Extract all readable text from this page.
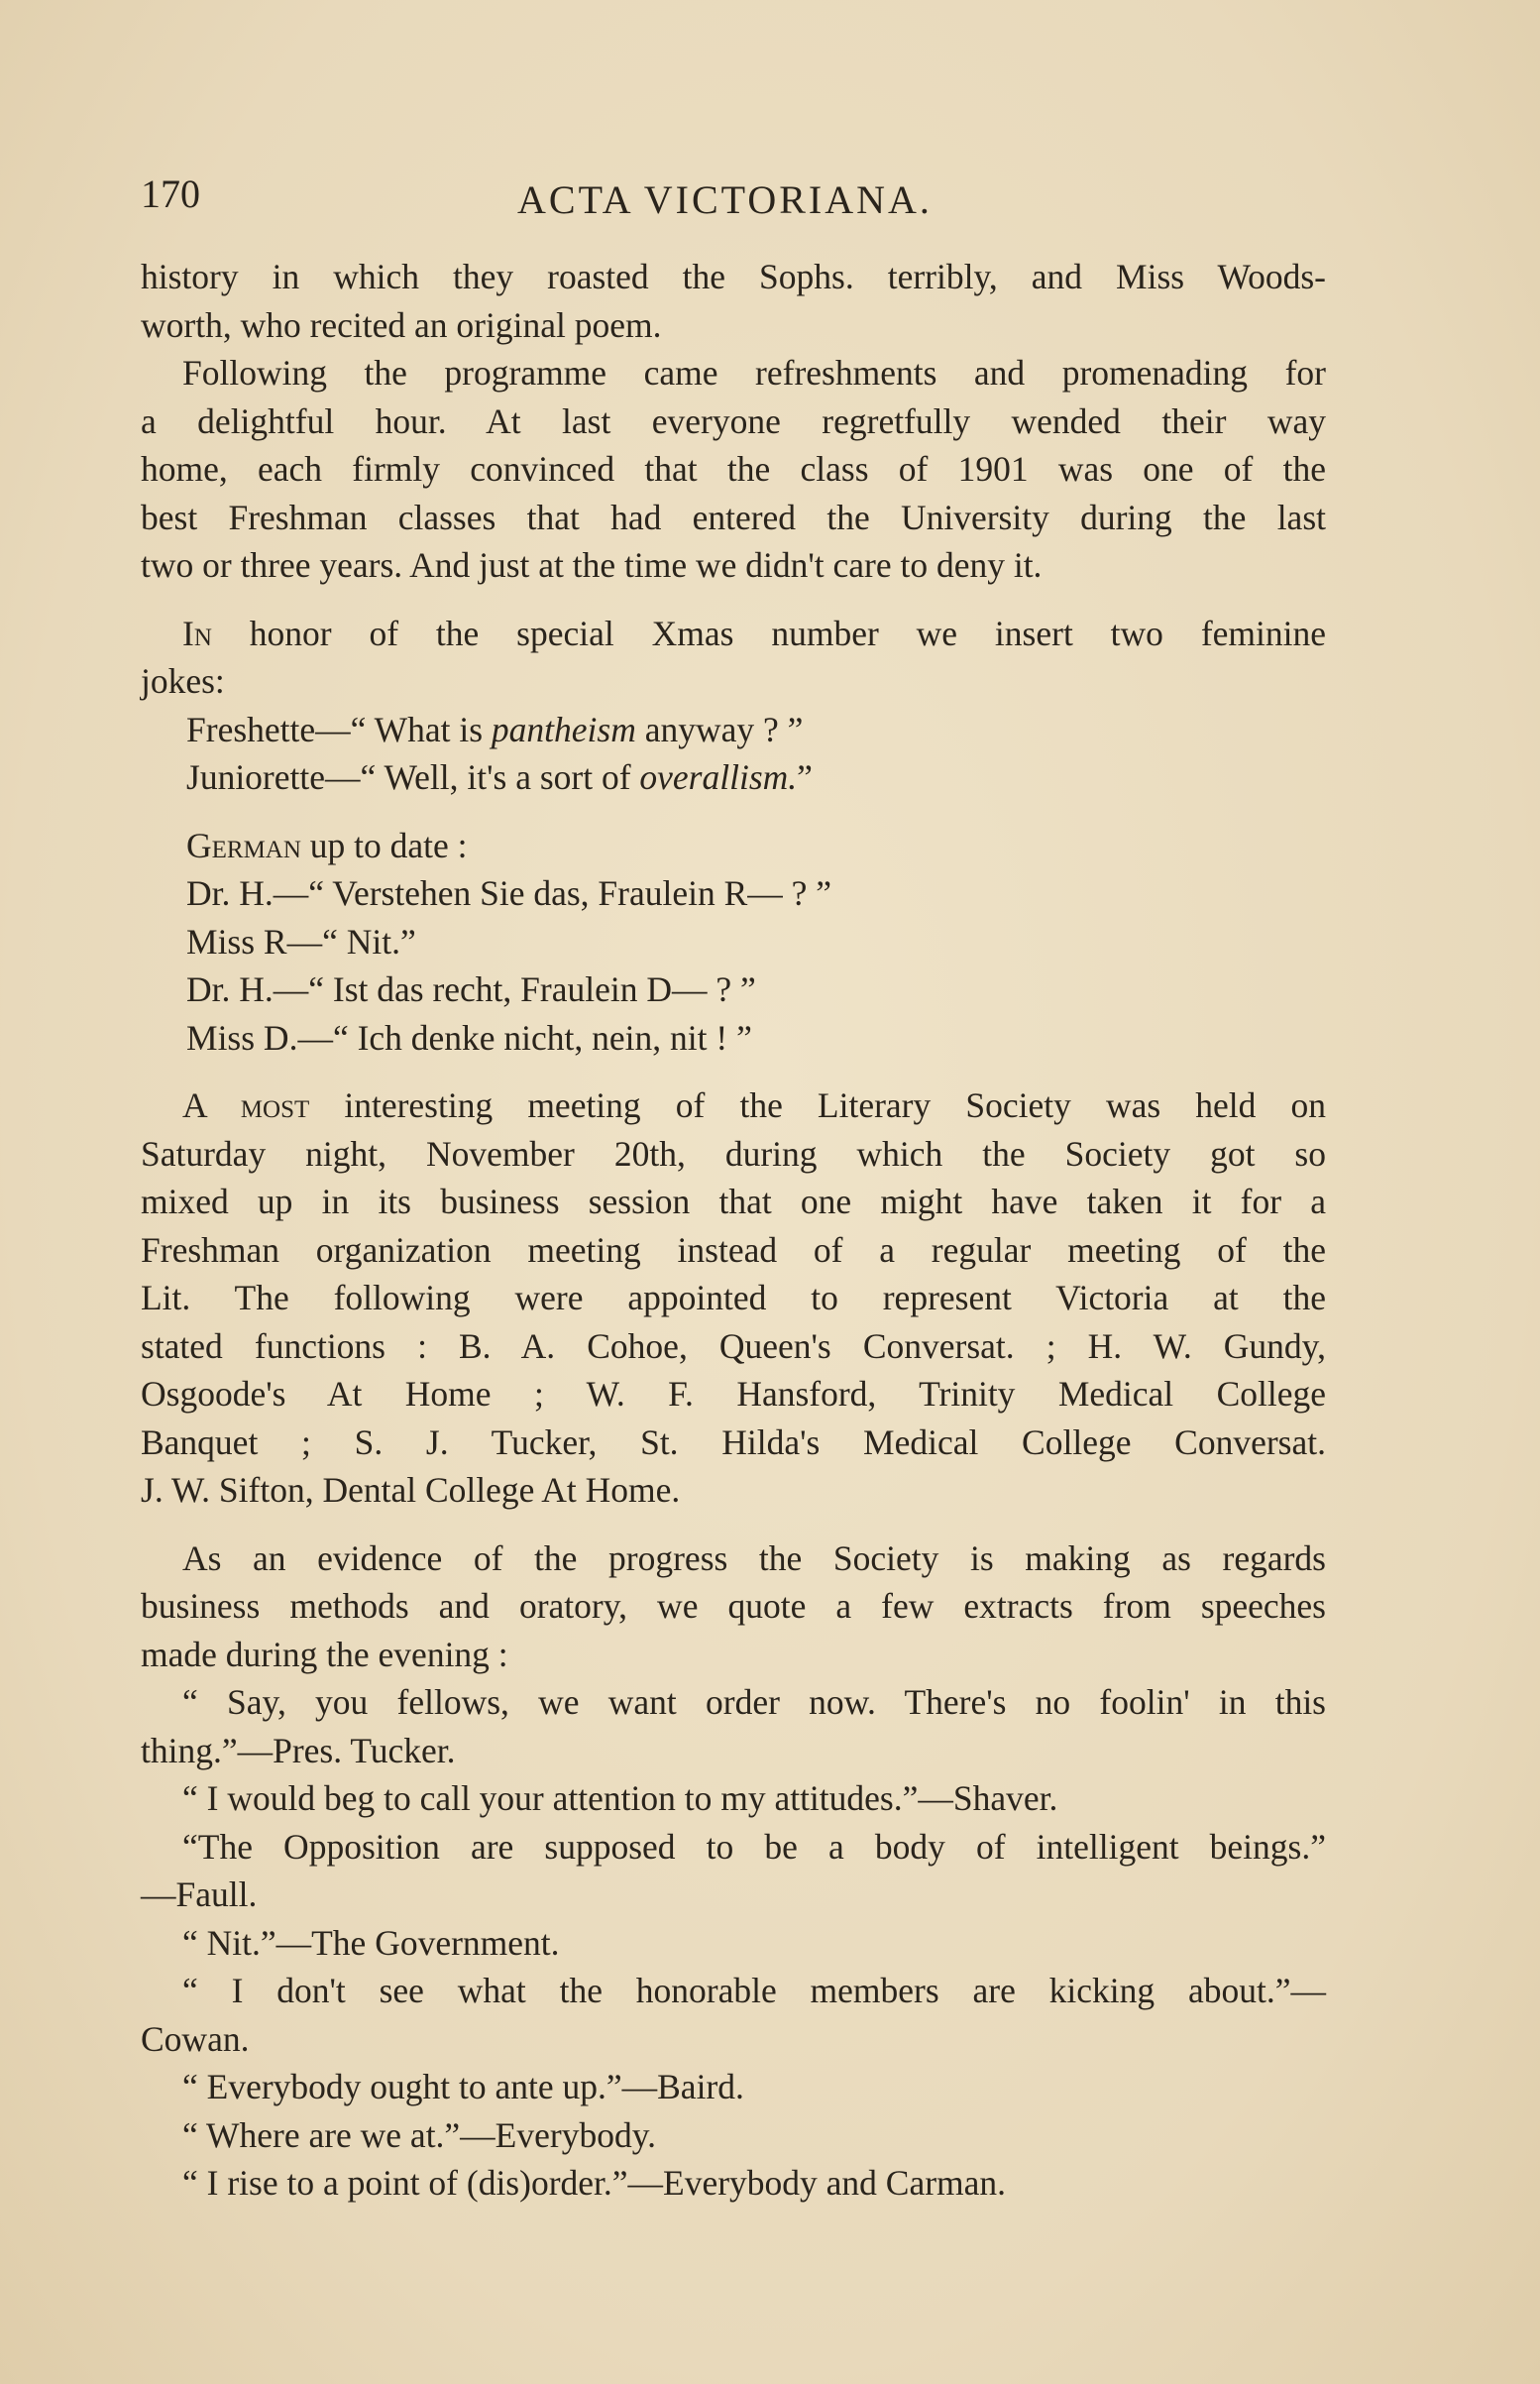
170	ACTA VICTORIANA.
history in which they roasted the Sophs. terribly, and Miss Woods-
worth, who recited an original poem.
Following the programme came refreshments and promenading for
a delightful hour. At last everyone regretfully wended their way
home, each firmly convinced that the class of 1901 was one of the
best Freshman classes that had entered the University during the last
two or three years. And just at the time we didn't care to deny it.
In honor of the special Xmas number we insert two feminine
jokes:
Freshette—“ What is pantheism anyway ? ”
Juniorette—“ Well, it's a sort of overallism.”
German up to date :
Dr. H.—“ Verstehen Sie das, Fraulein R— ? ”
Miss R—“ Nit.”
Dr. H.—“ Ist das recht, Fraulein D— ? ”
Miss D.—“ Ich denke nicht, nein, nit ! ”
A most interesting meeting of the Literary Society was held on
Saturday night, November 20th, during which the Society got so
mixed up in its business session that one might have taken it for a
Freshman organization meeting instead of a regular meeting of the
Lit. The following were appointed to represent Victoria at the
stated functions : B. A. Cohoe, Queen's Conversat. ; H. W. Gundy,
Osgoode's At Home ; W. F. Hansford, Trinity Medical College
Banquet ; S. J. Tucker, St. Hilda's Medical College Conversat.
J. W. Sifton, Dental College At Home.
As an evidence of the progress the Society is making as regards
business methods and oratory, we quote a few extracts from speeches
made during the evening :
“ Say, you fellows, we want order now. There's no foolin' in this
thing.”—Pres. Tucker.
“ I would beg to call your attention to my attitudes.”—Shaver.
“The Opposition are supposed to be a body of intelligent beings.”
—Faull.
“ Nit.”—The Government.
“ I don't see what the honorable members are kicking about.”—
Cowan.
“ Everybody ought to ante up.”—Baird.
“ Where are we at.”—Everybody.
“ I rise to a point of (dis)order.”—Everybody and Carman.
